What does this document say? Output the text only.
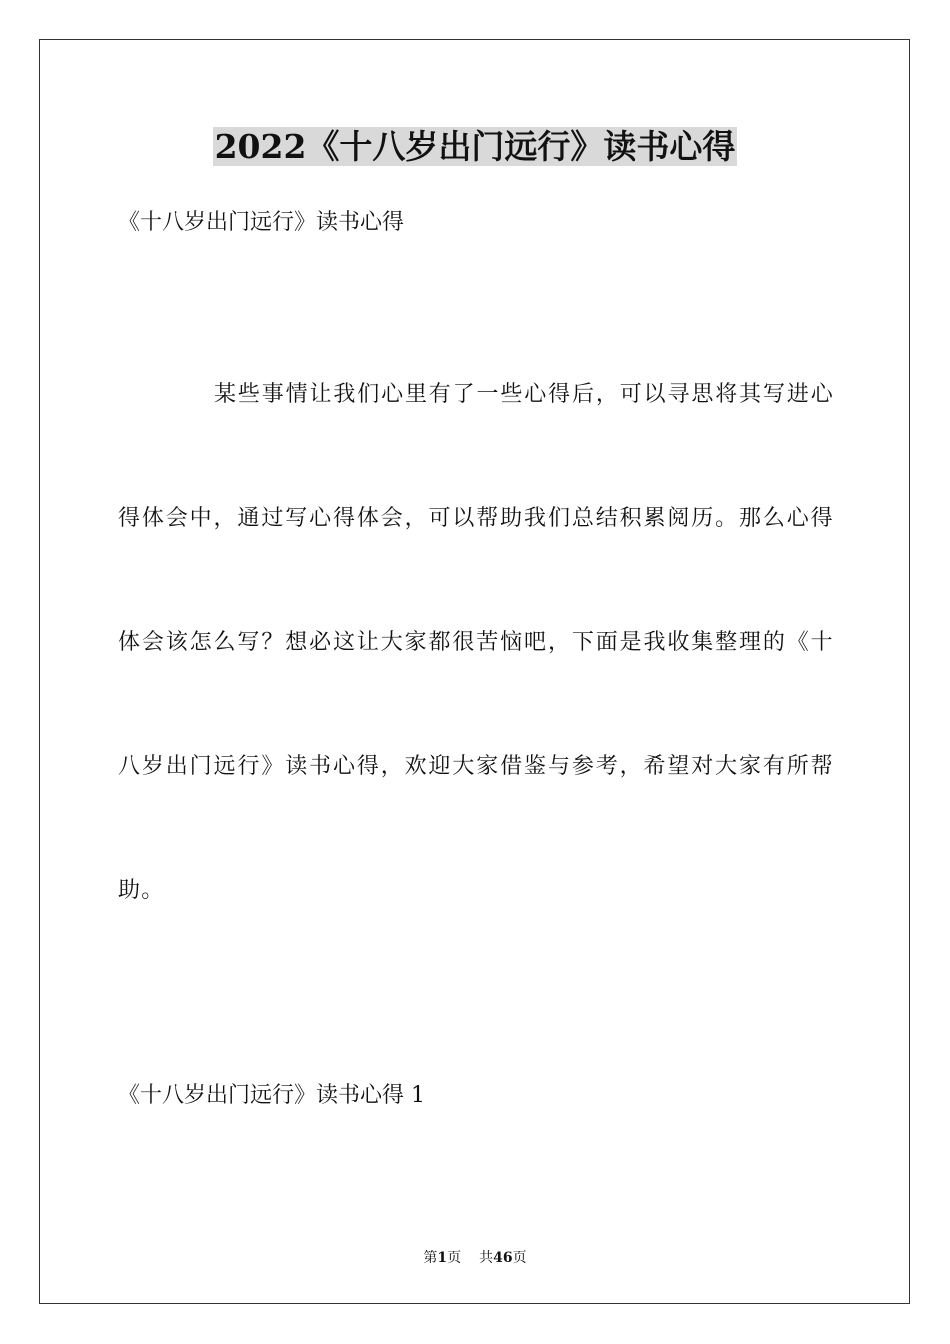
2022《十八岁出门远行》读书心得

《十八岁出门远行》读书心得

某些事情让我们心里有了一些心得后，可以寻思将其写进心得体会中，通过写心得体会，可以帮助我们总结积累阅历。那么心得体会该怎么写？想必这让大家都很苦恼吧，下面是我收集整理的《十八岁出门远行》读书心得，欢迎大家借鉴与参考，希望对大家有所帮助。

《十八岁出门远行》读书心得 1

第1页 共46页
